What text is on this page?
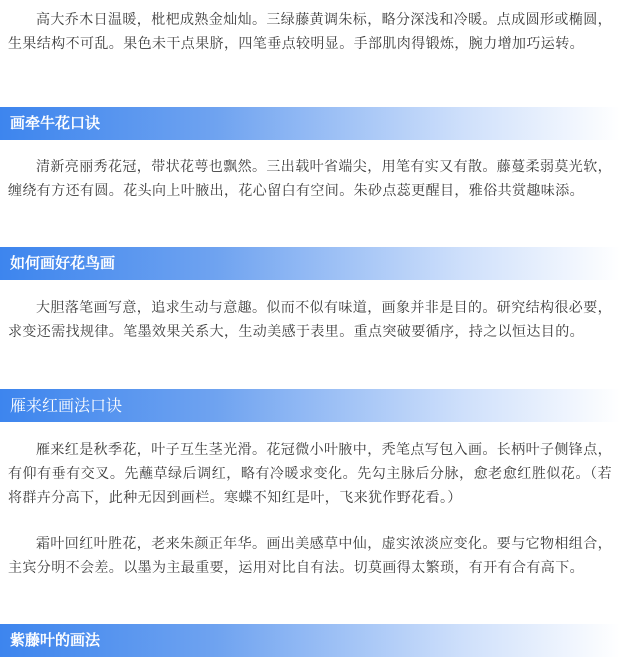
高大乔木日温暖，枇杷成熟金灿灿。三绿藤黄调朱标，略分深浅和冷暖。点成圆形或椭圆，生果结构不可乱。果色未干点果脐，四笔垂点较明显。手部肌肉得锻炼，腕力增加巧运转。

画牵牛花口诀

清新亮丽秀花冠，带状花萼也飘然。三出载叶省端尖，用笔有实又有散。藤蔓柔弱莫光软，缠绕有方还有圆。花头向上叶腋出，花心留白有空间。朱砂点蕊更醒目，雅俗共赏趣味添。

如何画好花鸟画

大胆落笔画写意，追求生动与意趣。似而不似有味道，画象并非是目的。研究结构很必要，求变还需找规律。笔墨效果关系大，生动美感于表里。重点突破要循序，持之以恒达目的。

雁来红画法口诀

雁来红是秋季花，叶子互生茎光滑。花冠微小叶腋中，秃笔点写包入画。长柄叶子侧锋点，有仰有垂有交叉。先蘸草绿后调红，略有冷暖求变化。先勾主脉后分脉，愈老愈红胜似花。（若将群卉分高下，此种无因到画栏。寒蝶不知红是叶，飞来犹作野花看。）

霜叶回红叶胜花，老来朱颜正年华。画出美感草中仙，虚实浓淡应变化。要与它物相组合，主宾分明不会差。以墨为主最重要，运用对比自有法。切莫画得太繁琐，有开有合有高下。

紫藤叶的画法
